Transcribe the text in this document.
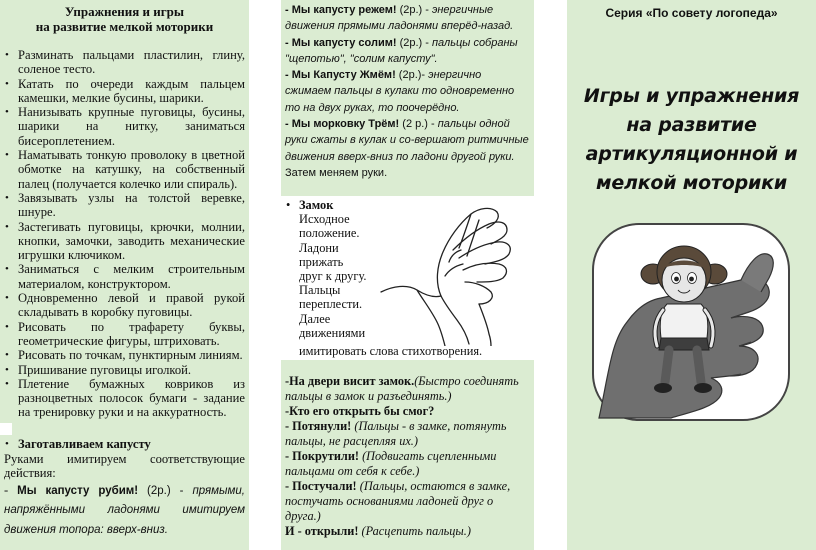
Упражнения и игры
на развитие мелкой моторики
• Разминать пальцами пластилин, глину, соленое тесто.
• Катать по очереди каждым пальцем камешки, мелкие бусины, шарики.
• Нанизывать крупные пуговицы, бусины, шарики на нитку, заниматься бисероплетением.
• Наматывать тонкую проволоку в цветной обмотке на катушку, на собственный палец (получается колечко или спираль).
• Завязывать узлы на толстой веревке, шнуре.
• Застегивать пуговицы, крючки, молнии, кнопки, замочки, заводить механические игрушки ключиком.
• Заниматься с мелким строительным материалом, конструктором.
• Одновременно левой и правой рукой складывать в коробку пуговицы.
• Рисовать по трафарету буквы, геометрические фигуры, штриховать.
• Рисовать по точкам, пунктирным линиям.
• Пришивание пуговицы иголкой.
• Плетение бумажных ковриков из разноцветных полосок бумаги - задание на тренировку руки и на аккуратность.
• Заготавливаем капусту
Руками имитируем соответствующие действия:
- Мы капусту рубим! (2р.) - прямыми, напряжёнными ладонями имитируем движения топора: вверх-вниз.
- Мы капусту режем! (2р.) - энергичные движения прямыми ладонями вперёд-назад.
- Мы капусту солим! (2р.) - пальцы собраны "щепотью", "солим капусту".
- Мы Капусту Жмём! (2р.)- энергично сжимаем пальцы в кулаки то одновременно то на двух руках, то поочерёдно.
- Мы морковку Трём! (2 р.) - пальцы одной руки сжаты в кулак и со-вершают ритмичные движения вверх-вниз по ладони другой руки.
Затем меняем руки.
• Замок
Исходное
положение.
Ладони
прижать
друг к другу.
Пальцы
переплести.
Далее
движениями
имитировать слова стихотворения.
-На двери висит замок.(Быстро соединять пальцы в замок и разъединять.)
-Кто его открыть бы смог?
- Потянули! (Пальцы - в замке, потянуть пальцы, не расцепляя их.)
- Покрутили! (Подвигать сцепленными пальцами от себя к себе.)
- Постучали! (Пальцы, остаются в замке, постучать основаниями ладоней друг о друга.)
И - открыли! (Расцепить пальцы.)
Серия «По совету логопеда»
Игры и упражнения
на развитие
артикуляционной и
мелкой моторики
